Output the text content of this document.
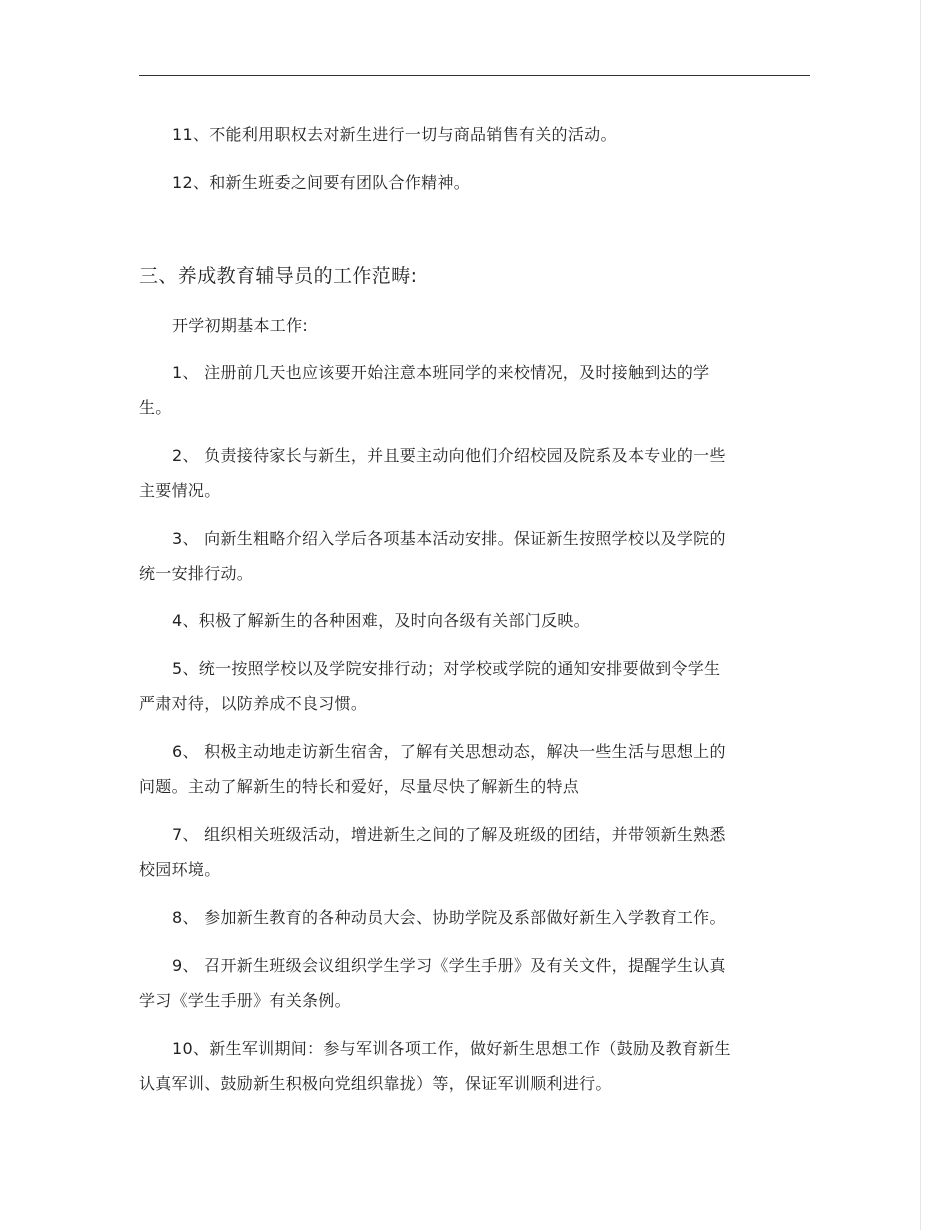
11、不能利用职权去对新生进行一切与商品销售有关的活动。
12、和新生班委之间要有团队合作精神。
三、养成教育辅导员的工作范畴:
开学初期基本工作:
1、 注册前几天也应该要开始注意本班同学的来校情况，及时接触到达的学
生。
2、 负责接待家长与新生，并且要主动向他们介绍校园及院系及本专业的一些
主要情况。
3、 向新生粗略介绍入学后各项基本活动安排。保证新生按照学校以及学院的
统一安排行动。
4、积极了解新生的各种困难，及时向各级有关部门反映。
5、统一按照学校以及学院安排行动；对学校或学院的通知安排要做到令学生
严肃对待，以防养成不良习惯。
6、 积极主动地走访新生宿舍，了解有关思想动态，解决一些生活与思想上的
问题。主动了解新生的特长和爱好，尽量尽快了解新生的特点
7、 组织相关班级活动，增进新生之间的了解及班级的团结，并带领新生熟悉
校园环境。
8、 参加新生教育的各种动员大会、协助学院及系部做好新生入学教育工作。
9、 召开新生班级会议组织学生学习《学生手册》及有关文件，提醒学生认真
学习《学生手册》有关条例。
10、新生军训期间：参与军训各项工作，做好新生思想工作（鼓励及教育新生
认真军训、鼓励新生积极向党组织靠拢）等，保证军训顺利进行。
